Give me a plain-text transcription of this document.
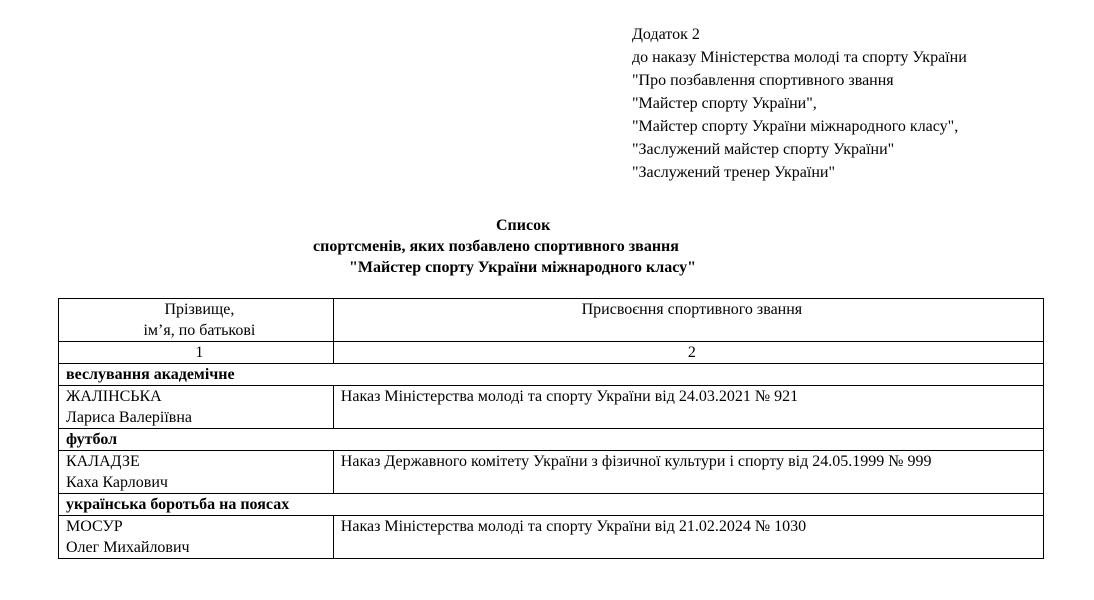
Додаток 2
до наказу Міністерства молоді та спорту України
"Про позбавлення спортивного звання
"Майстер спорту України",
"Майстер спорту України міжнародного класу",
"Заслужений майстер спорту України"
"Заслужений тренер України"
Список
спортсменів, яких позбавлено спортивного звання
"Майстер спорту України міжнародного класу"
Прізвище,
ім’я, по батькові	Присвоєння спортивного звання
1	2
веслування академічне	

ЖАЛІНСЬКА
Лариса Валеріївна	Наказ Міністерства молоді та спорту України від 24.03.2021 № 921
футбол	

КАЛАДЗЕ
Каха Карлович	Наказ Державного комітету України з фізичної культури і спорту від 24.05.1999 № 999
українська боротьба на поясах	

МОСУР
Олег Михайлович	Наказ Міністерства молоді та спорту України від 21.02.2024 № 1030
